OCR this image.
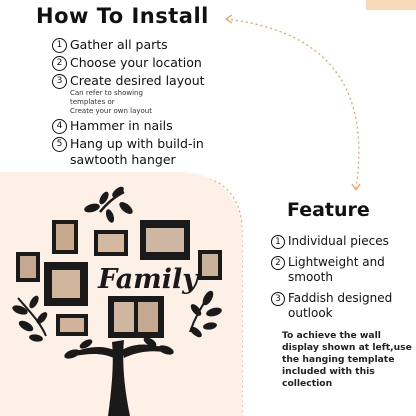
How To Install
1 Gather all parts
2 Choose your location
3 Create desired layout
Can refer to showing
templates or
Create your own layout
4 Hammer in nails
5 Hang up with build-in
sawtooth hanger
Family
Feature
1 Individual pieces
2 Lightweight and smooth
3 Faddish designed outlook
To achieve the wall display shown at left,use the hanging template included with this collection
